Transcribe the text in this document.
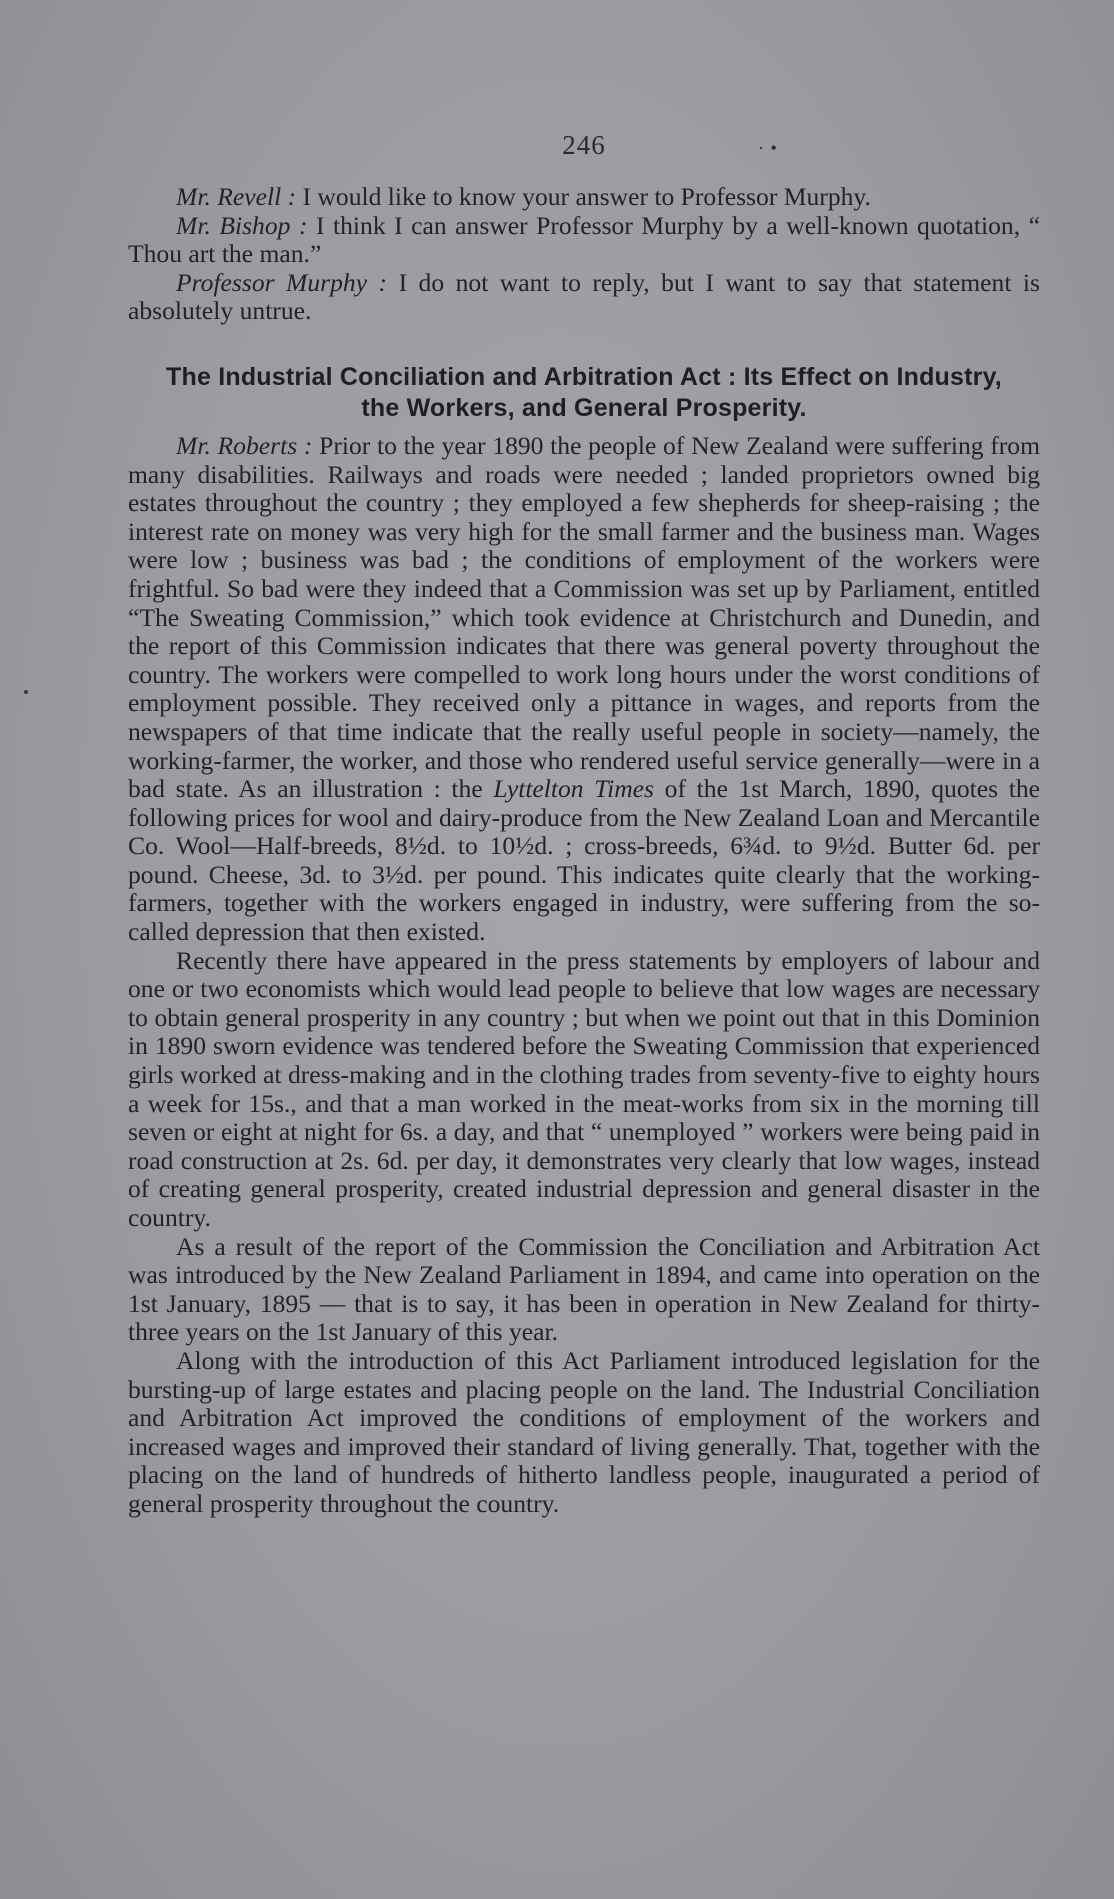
246	· •

Mr. Revell : I would like to know your answer to Professor Murphy.

Mr. Bishop : I think I can answer Professor Murphy by a well-known quotation, “ Thou art the man.”

Professor Murphy : I do not want to reply, but I want to say that statement is absolutely untrue.

The Industrial Conciliation and Arbitration Act : Its Effect on Industry,
the Workers, and General Prosperity.

Mr. Roberts : Prior to the year 1890 the people of New Zealand were suffering from many disabilities. Railways and roads were needed ; landed proprietors owned big estates throughout the country ; they employed a few shepherds for sheep-raising ; the interest rate on money was very high for the small farmer and the business man. Wages were low ; business was bad ; the conditions of employment of the workers were frightful. So bad were they indeed that a Commission was set up by Parliament, entitled “The Sweating Commission,” which took evidence at Christchurch and Dunedin, and the report of this Commission indicates that there was general poverty throughout the country. The workers were compelled to work long hours under the worst conditions of employment possible. They received only a pittance in wages, and reports from the newspapers of that time indicate that the really useful people in society—namely, the working-farmer, the worker, and those who rendered useful service generally—were in a bad state. As an illustration : the Lyttelton Times of the 1st March, 1890, quotes the following prices for wool and dairy-produce from the New Zealand Loan and Mercantile Co. Wool—Half-breeds, 8½d. to 10½d. ; cross-breeds, 6¾d. to 9½d. Butter 6d. per pound. Cheese, 3d. to 3½d. per pound. This indicates quite clearly that the working-farmers, together with the workers engaged in industry, were suffering from the so-called depression that then existed.

Recently there have appeared in the press statements by employers of labour and one or two economists which would lead people to believe that low wages are necessary to obtain general prosperity in any country ; but when we point out that in this Dominion in 1890 sworn evidence was tendered before the Sweating Commission that experienced girls worked at dress-making and in the clothing trades from seventy-five to eighty hours a week for 15s., and that a man worked in the meat-works from six in the morning till seven or eight at night for 6s. a day, and that “ unemployed ” workers were being paid in road construction at 2s. 6d. per day, it demonstrates very clearly that low wages, instead of creating general prosperity, created industrial depression and general disaster in the country.

As a result of the report of the Commission the Conciliation and Arbitration Act was introduced by the New Zealand Parliament in 1894, and came into operation on the 1st January, 1895 — that is to say, it has been in operation in New Zealand for thirty-three years on the 1st January of this year.

Along with the introduction of this Act Parliament introduced legislation for the bursting-up of large estates and placing people on the land. The Industrial Conciliation and Arbitration Act improved the conditions of employment of the workers and increased wages and improved their standard of living generally. That, together with the placing on the land of hundreds of hitherto landless people, inaugurated a period of general prosperity throughout the country.
